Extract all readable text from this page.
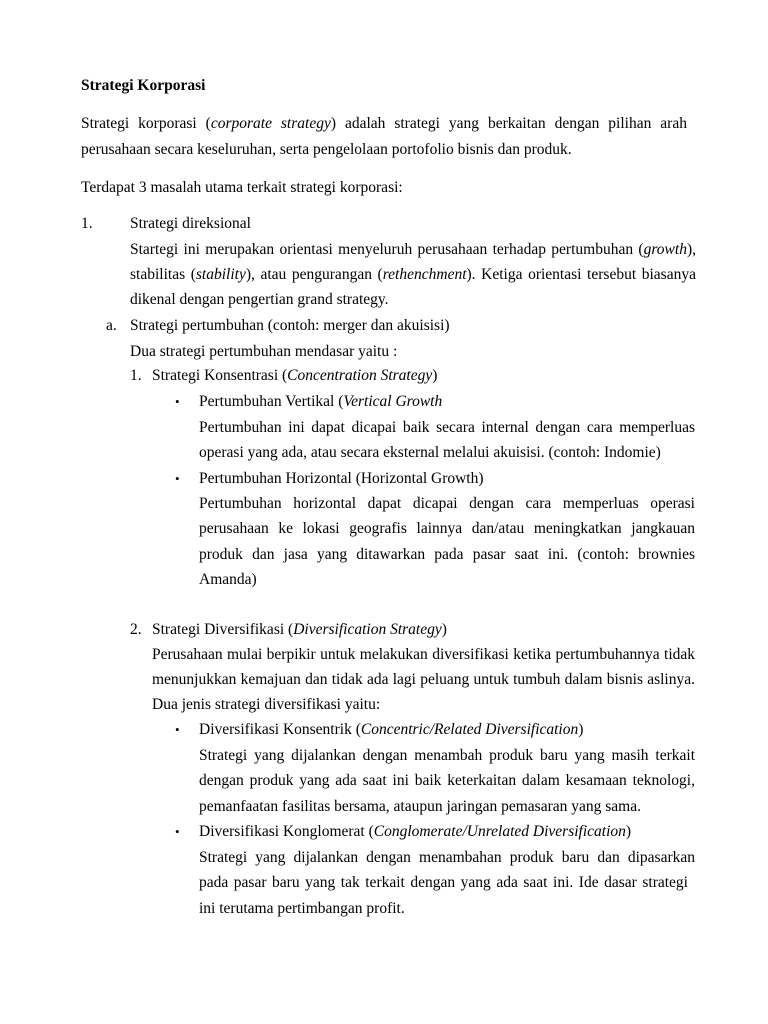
Strategi Korporasi
Strategi korporasi (corporate strategy) adalah strategi yang berkaitan dengan pilihan arah
perusahaan secara keseluruhan, serta pengelolaan portofolio bisnis dan produk.
Terdapat 3 masalah utama terkait strategi korporasi:
1. Strategi direksional
Startegi ini merupakan orientasi menyeluruh perusahaan terhadap pertumbuhan (growth),
stabilitas (stability), atau pengurangan (rethenchment). Ketiga orientasi tersebut biasanya
dikenal dengan pengertian grand strategy.
a. Strategi pertumbuhan (contoh: merger dan akuisisi)
Dua strategi pertumbuhan mendasar yaitu :
1. Strategi Konsentrasi (Concentration Strategy)
• Pertumbuhan Vertikal (Vertical Growth
Pertumbuhan ini dapat dicapai baik secara internal dengan cara memperluas
operasi yang ada, atau secara eksternal melalui akuisisi. (contoh: Indomie)
• Pertumbuhan Horizontal (Horizontal Growth)
Pertumbuhan horizontal dapat dicapai dengan cara memperluas operasi
perusahaan ke lokasi geografis lainnya dan/atau meningkatkan jangkauan
produk dan jasa yang ditawarkan pada pasar saat ini. (contoh: brownies
Amanda)
2. Strategi Diversifikasi (Diversification Strategy)
Perusahaan mulai berpikir untuk melakukan diversifikasi ketika pertumbuhannya tidak
menunjukkan kemajuan dan tidak ada lagi peluang untuk tumbuh dalam bisnis aslinya.
Dua jenis strategi diversifikasi yaitu:
• Diversifikasi Konsentrik (Concentric/Related Diversification)
Strategi yang dijalankan dengan menambah produk baru yang masih terkait
dengan produk yang ada saat ini baik keterkaitan dalam kesamaan teknologi,
pemanfaatan fasilitas bersama, ataupun jaringan pemasaran yang sama.
• Diversifikasi Konglomerat (Conglomerate/Unrelated Diversification)
Strategi yang dijalankan dengan menambahan produk baru dan dipasarkan
pada pasar baru yang tak terkait dengan yang ada saat ini. Ide dasar strategi
ini terutama pertimbangan profit.
